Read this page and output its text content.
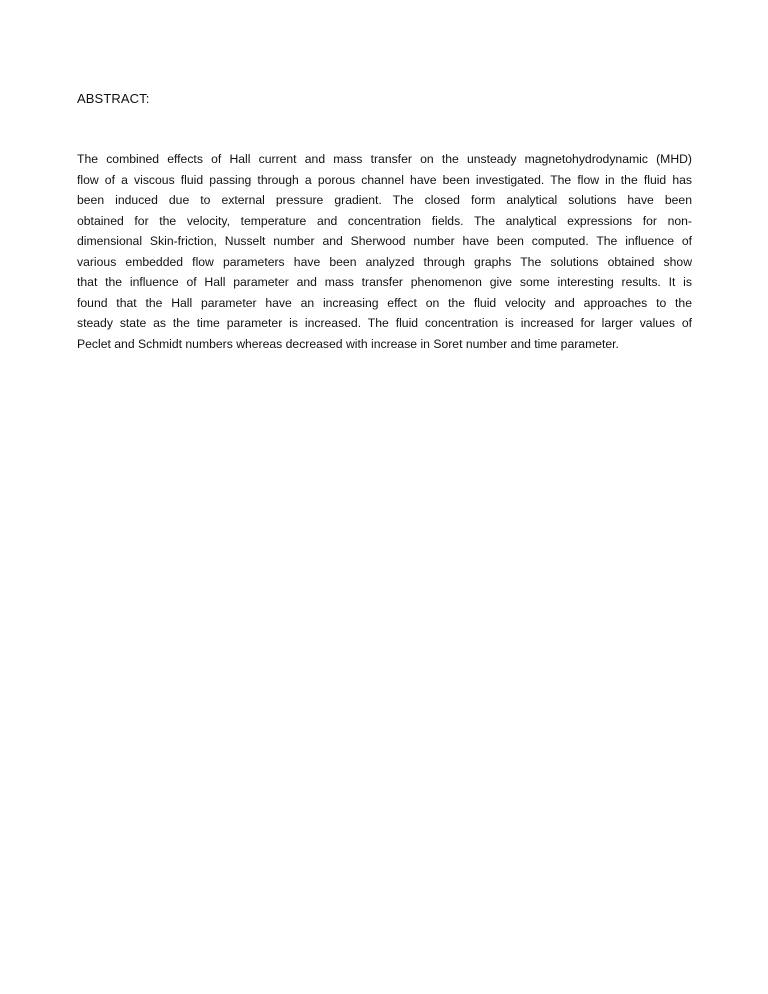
ABSTRACT:

The combined effects of Hall current and mass transfer on the unsteady magnetohydrodynamic (MHD)
flow of a viscous fluid passing through a porous channel have been investigated. The flow in the fluid has
been induced due to external pressure gradient. The closed form analytical solutions have been
obtained for the velocity, temperature and concentration fields. The analytical expressions for non-
dimensional Skin-friction, Nusselt number and Sherwood number have been computed. The influence of
various embedded flow parameters have been analyzed through graphs The solutions obtained show
that the influence of Hall parameter and mass transfer phenomenon give some interesting results. It is
found that the Hall parameter have an increasing effect on the fluid velocity and approaches to the
steady state as the time parameter is increased. The fluid concentration is increased for larger values of
Peclet and Schmidt numbers whereas decreased with increase in Soret number and time parameter.
